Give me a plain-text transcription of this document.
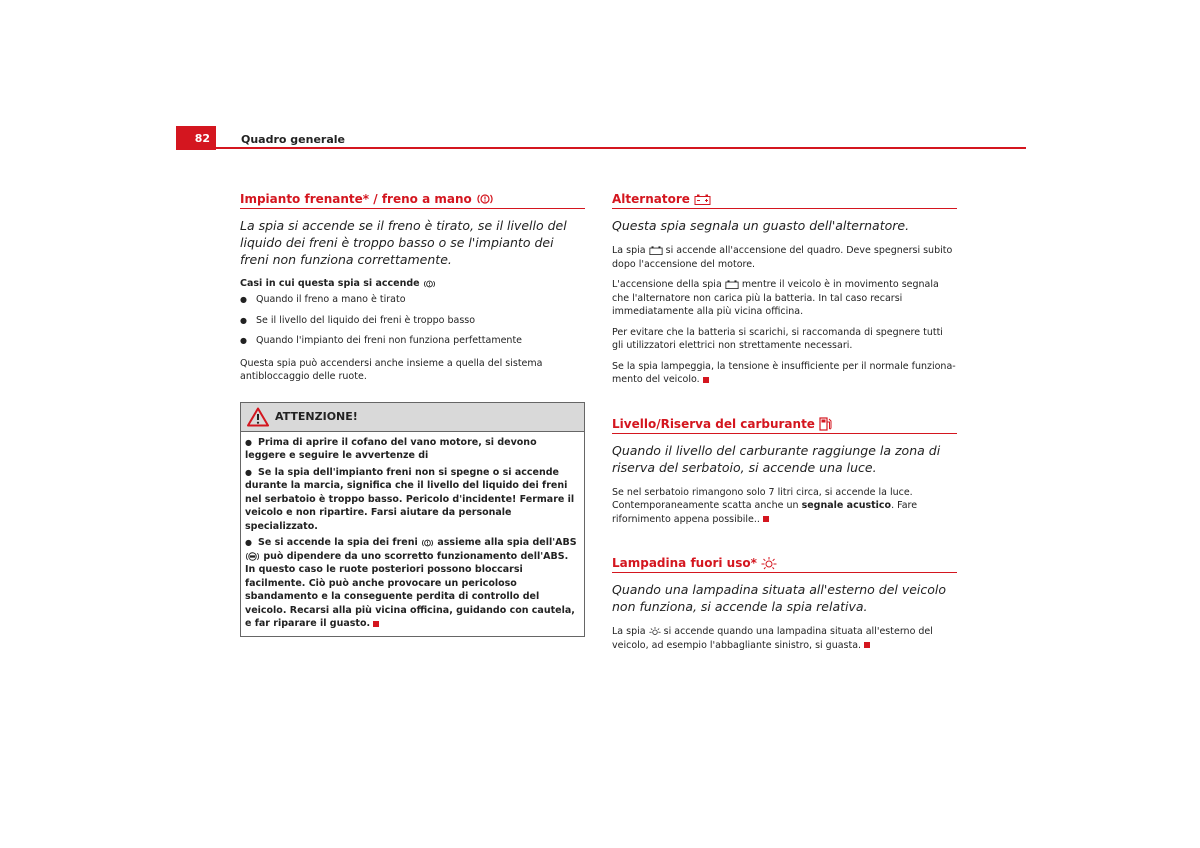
82	Quadro generale
Impianto frenante* / freno a mano

La spia si accende se il freno è tirato, se il livello del liquido dei freni è troppo basso o se l'impianto dei freni non funziona correttamente.

Casi in cui questa spia si accende
● Quando il freno a mano è tirato
● Se il livello del liquido dei freni è troppo basso
● Quando l'impianto dei freni non funziona perfettamente

Questa spia può accendersi anche insieme a quella del sistema antibloccaggio delle ruote.

ATTENZIONE!
● Prima di aprire il cofano del vano motore, si devono leggere e seguire le avvertenze di
● Se la spia dell'impianto freni non si spegne o si accende durante la marcia, significa che il livello del liquido dei freni nel serbatoio è troppo basso. Pericolo d'incidente! Fermare il veicolo e non ripartire. Farsi aiutare da personale specializzato.
● Se si accende la spia dei freni assieme alla spia dell'ABS  può dipendere da uno scorretto funzionamento dell'ABS. In questo caso le ruote posteriori possono bloccarsi facilmente. Ciò può anche provocare un pericoloso sbandamento e la conseguente perdita di controllo del veicolo. Recarsi alla più vicina officina, guidando con cautela, e far riparare il guasto.
Alternatore

Questa spia segnala un guasto dell'alternatore.

La spia si accende all'accensione del quadro. Deve spegnersi subito dopo l'accensione del motore.

L'accensione della spia mentre il veicolo è in movimento segnala che l'alternatore non carica più la batteria. In tal caso recarsi immediatamente alla più vicina officina.

Per evitare che la batteria si scarichi, si raccomanda di spegnere tutti gli utilizzatori elettrici non strettamente necessari.

Se la spia lampeggia, la tensione è insufficiente per il normale funzionamento del veicolo.

Livello/Riserva del carburante

Quando il livello del carburante raggiunge la zona di riserva del serbatoio, si accende una luce.

Se nel serbatoio rimangono solo 7 litri circa, si accende la luce. Contemporaneamente scatta anche un segnale acustico. Fare rifornimento appena possibile..

Lampadina fuori uso*

Quando una lampadina situata all'esterno del veicolo non funziona, si accende la spia relativa.

La spia si accende quando una lampadina situata all'esterno del veicolo, ad esempio l'abbagliante sinistro, si guasta.
